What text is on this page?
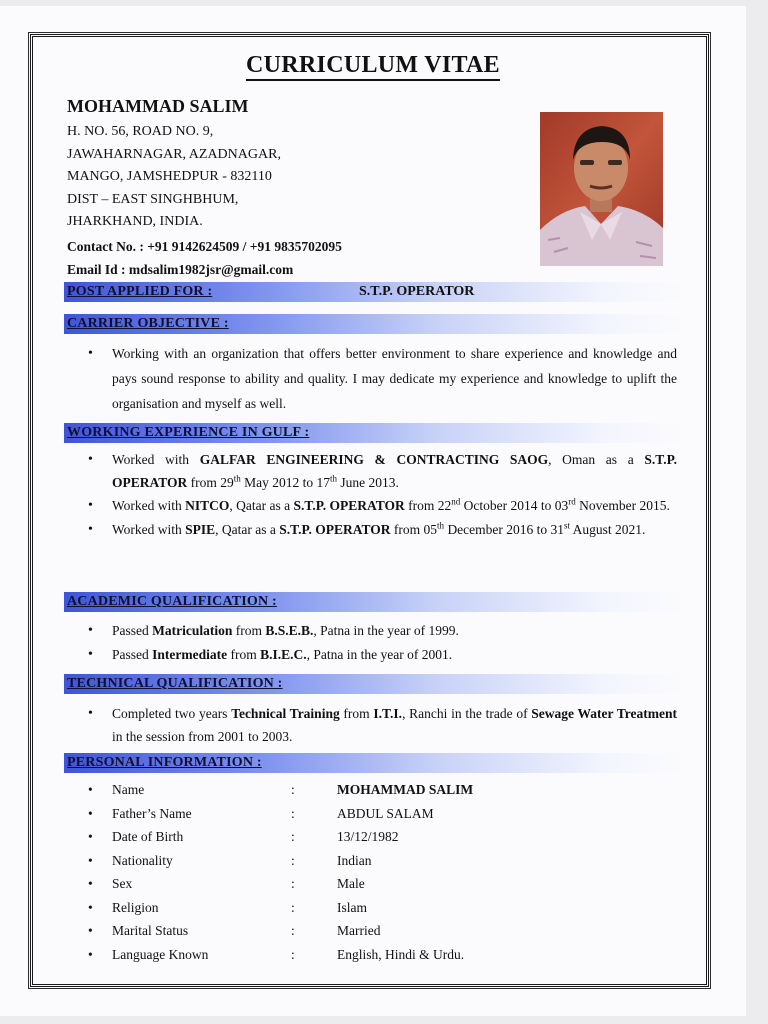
CURRICULUM VITAE
MOHAMMAD SALIM
H. NO. 56, ROAD NO. 9,
JAWAHARNAGAR, AZADNAGAR,
MANGO, JAMSHEDPUR - 832110
DIST – EAST SINGHBHUM,
JHARKHAND, INDIA.
Contact No. : +91 9142624509 / +91 9835702095
Email Id : mdsalim1982jsr@gmail.com
POST APPLIED FOR :	S.T.P. OPERATOR
CARRIER OBJECTIVE :
• Working with an organization that offers better environment to share experience and knowledge and pays sound response to ability and quality. I may dedicate my experience and knowledge to uplift the organisation and myself as well.
WORKING EXPERIENCE IN GULF :
• Worked with GALFAR ENGINEERING & CONTRACTING SAOG, Oman as a S.T.P. OPERATOR from 29th May 2012 to 17th June 2013.
• Worked with NITCO, Qatar as a S.T.P. OPERATOR from 22nd October 2014 to 03rd November 2015.
• Worked with SPIE, Qatar as a S.T.P. OPERATOR from 05th December 2016 to 31st August 2021.
ACADEMIC QUALIFICATION :
• Passed Matriculation from B.S.E.B., Patna in the year of 1999.
• Passed Intermediate from B.I.E.C., Patna in the year of 2001.
TECHNICAL QUALIFICATION :
• Completed two years Technical Training from I.T.I., Ranchi in the trade of Sewage Water Treatment in the session from 2001 to 2003.
PERSONAL INFORMATION :
• Name	:	MOHAMMAD SALIM
• Father’s Name	:	ABDUL SALAM
• Date of Birth	:	13/12/1982
• Nationality	:	Indian
• Sex	:	Male
• Religion	:	Islam
• Marital Status	:	Married
• Language Known	:	English, Hindi & Urdu.
